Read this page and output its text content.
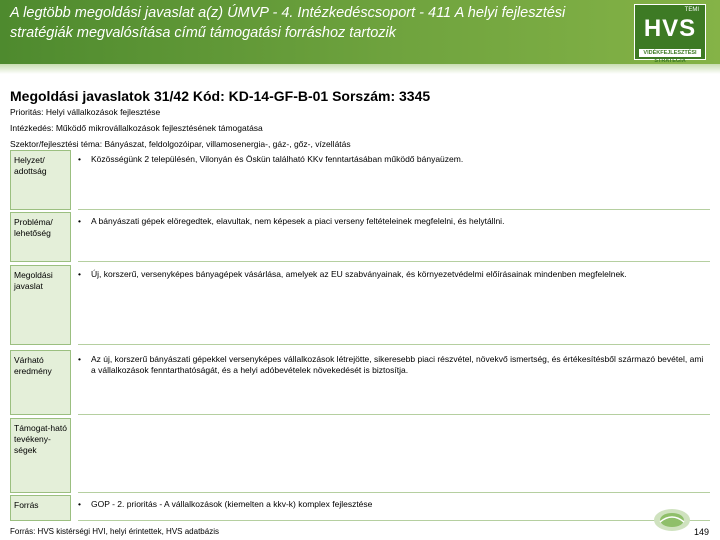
A legtöbb megoldási javaslat a(z) ÚMVP - 4. Intézkedéscsoport - 411 A helyi fejlesztési stratégiák megvalósítása című támogatási forráshoz tartozik
TEMI
HVS
VIDÉKFEJLESZTÉSI STRATÉGIA
Megoldási javaslatok 31/42 Kód: KD-14-GF-B-01 Sorszám: 3345
Prioritás: Helyi vállalkozások fejlesztése
Intézkedés: Működő mikrovállalkozások fejlesztésének támogatása
Szektor/fejlesztési téma: Bányászat, feldolgozóipar, villamosenergia-, gáz-, gőz-, vízellátás
Helyzet/ adottság
• Közösségünk 2 településén, Vilonyán és Öskün található KKv fenntartásában működő bányaüzem.
Probléma/ lehetőség
• A bányászati gépek elöregedtek, elavultak, nem képesek a piaci verseny feltételeinek megfelelni, és helytállni.
Megoldási javaslat
• Új, korszerű, versenyképes bányagépek vásárlása, amelyek az EU szabványainak, és környezetvédelmi előírásainak mindenben megfelelnek.
Várható eredmény
• Az új, korszerű bányászati gépekkel versenyképes vállalkozások létrejötte, sikeresebb piaci részvétel, növekvő ismertség, és értékesítésből származó bevétel, ami a vállalkozások fenntarthatóságát, és a helyi adóbevételek növekedését is biztosítja.
Támogat-ható tevékeny-ségek
Forrás	• GOP - 2. prioritás - A vállalkozások (kiemelten a kkv-k) komplex fejlesztése
Forrás: HVS kistérségi HVI, helyi érintettek, HVS adatbázis	149
